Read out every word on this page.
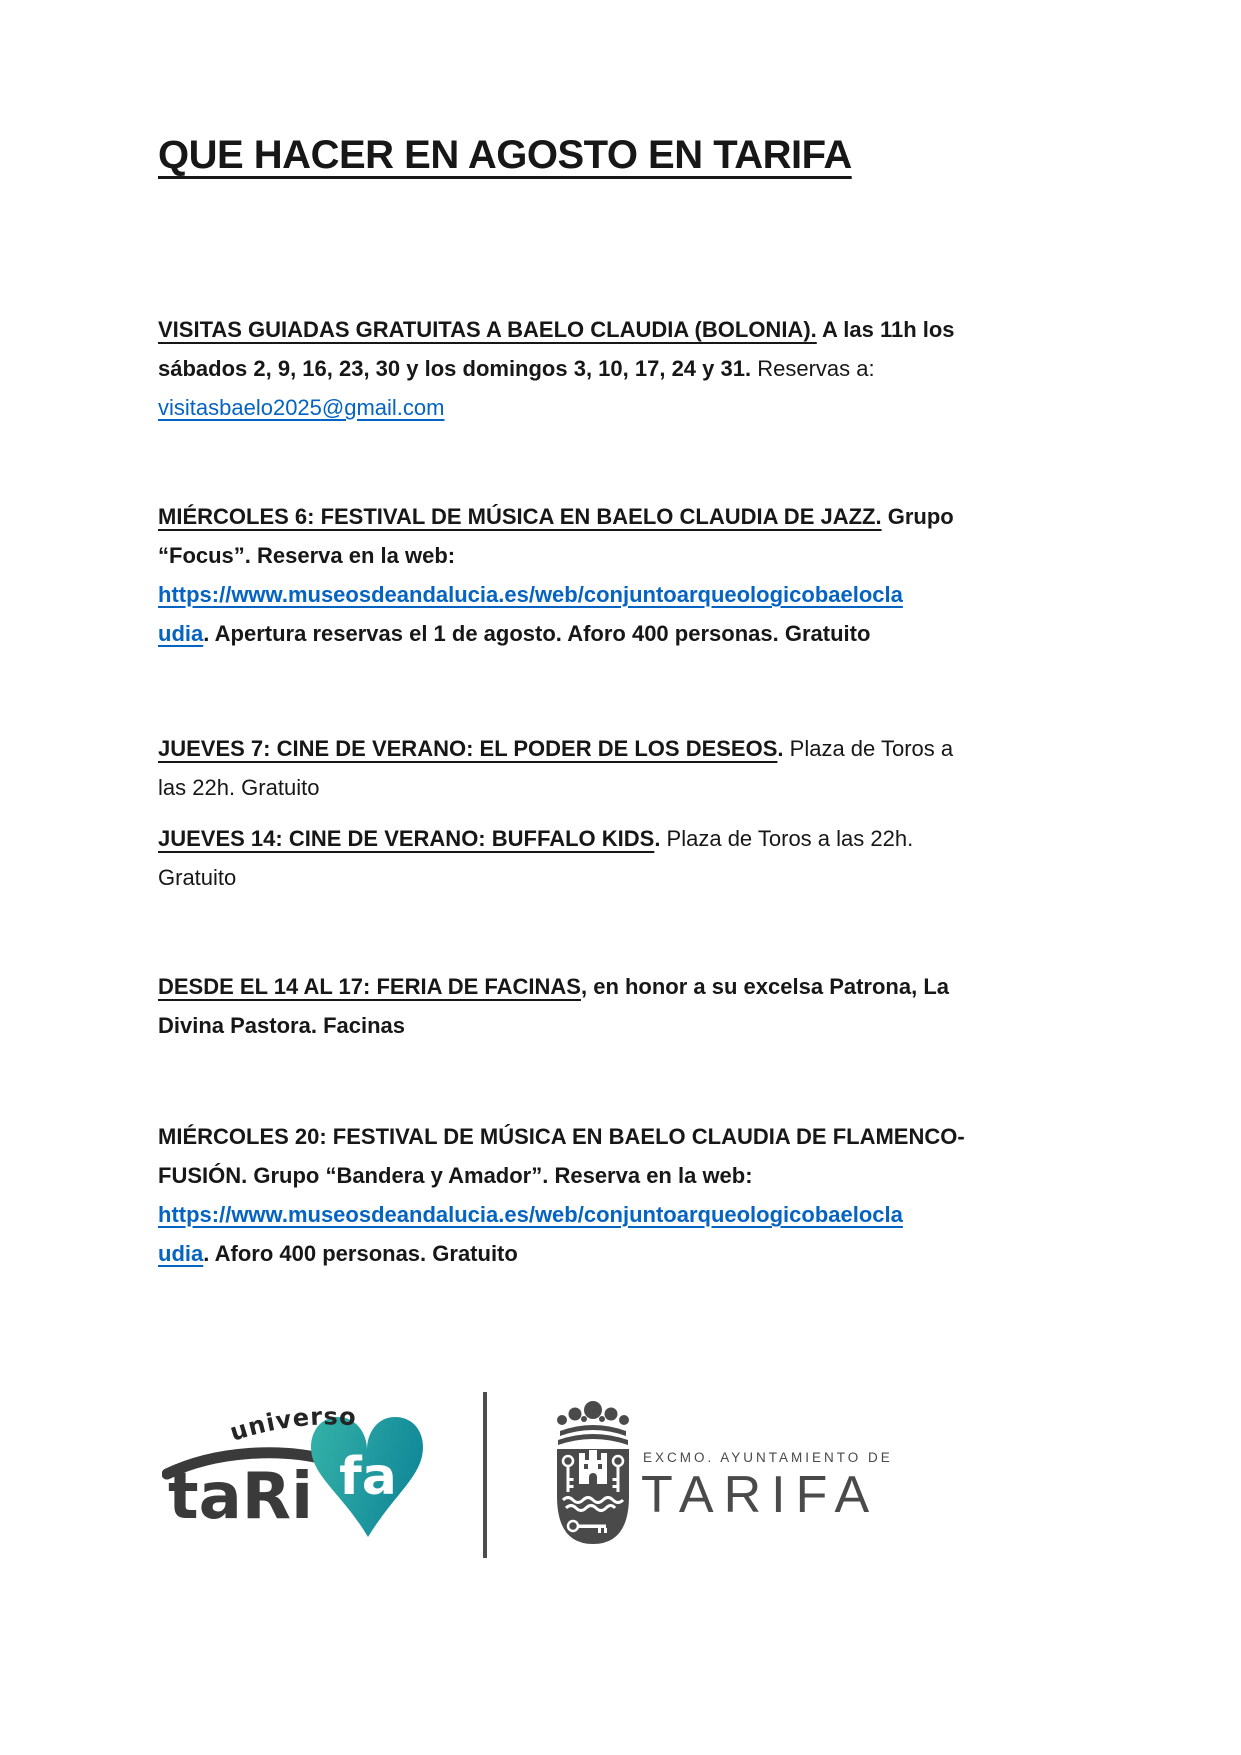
QUE HACER EN AGOSTO EN TARIFA
VISITAS GUIADAS GRATUITAS A BAELO CLAUDIA (BOLONIA). A las 11h los
sábados 2, 9, 16, 23, 30 y los domingos 3, 10, 17, 24 y 31. Reservas a:
visitasbaelo2025@gmail.com
MIÉRCOLES 6: FESTIVAL DE MÚSICA EN BAELO CLAUDIA DE JAZZ. Grupo
“Focus”. Reserva en la web:
https://www.museosdeandalucia.es/web/conjuntoarqueologicobaelocla
udia. Apertura reservas el 1 de agosto. Aforo 400 personas. Gratuito
JUEVES 7: CINE DE VERANO: EL PODER DE LOS DESEOS. Plaza de Toros a
las 22h. Gratuito
JUEVES 14: CINE DE VERANO: BUFFALO KIDS. Plaza de Toros a las 22h.
Gratuito
DESDE EL 14 AL 17: FERIA DE FACINAS, en honor a su excelsa Patrona, La
Divina Pastora. Facinas
MIÉRCOLES 20: FESTIVAL DE MÚSICA EN BAELO CLAUDIA DE FLAMENCO-
FUSIÓN. Grupo “Bandera y Amador”. Reserva en la web:
https://www.museosdeandalucia.es/web/conjuntoarqueologicobaelocla
udia. Aforo 400 personas. Gratuito
taRi fa
universo
EXCMO. AYUNTAMIENTO DE
TARIFA
